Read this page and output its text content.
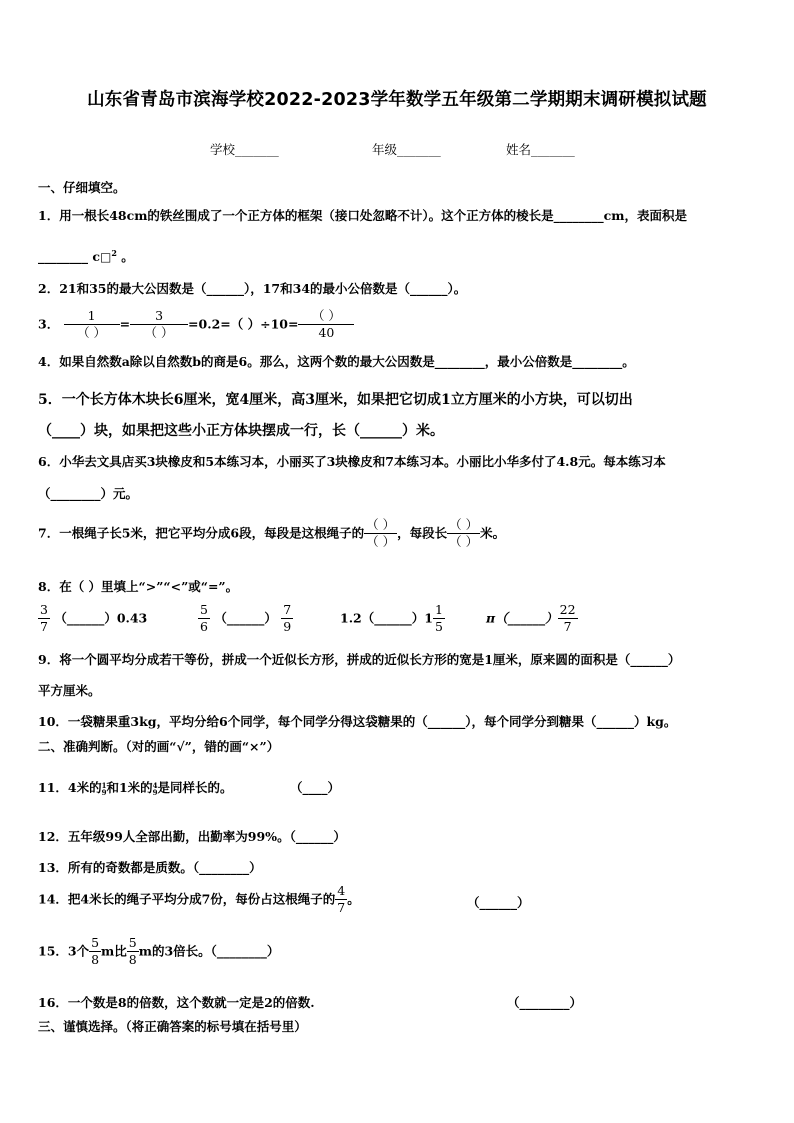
山东省青岛市滨海学校2022-2023学年数学五年级第二学期期末调研模拟试题
学校_______	年级_______	姓名_______
一、仔细填空。
1．用一根长48cm的铁丝围成了一个正方体的框架（接口处忽略不计）。这个正方体的棱长是________cm，表面积是
________ c□$^2$ 。
2．21和35的最大公因数是（______），17和34的最小公倍数是（______）。
3． $\frac{1}{( )} = \frac{3}{( )} =0.2=$（ ）$\div 10= \frac{( )}{40}$
4．如果自然数a除以自然数b的商是6。那么，这两个数的最大公因数是________，最小公倍数是________。
5．一个长方体木块长6厘米，宽4厘米，高3厘米，如果把它切成1立方厘米的小方块，可以切出
（____）块，如果把这些小正方体块摆成一行，长（______）米。
6．小华去文具店买3块橡皮和5本练习本，小丽买了3块橡皮和7本练习本。小丽比小华多付了4.8元。每本练习本
（________）元。
7．一根绳子长5米，把它平均分成6段，每段是这根绳子的 $\frac{( )}{( )}$ ，每段长 $\frac{( )}{( )}$ 米。
8．在（ ）里填上“>”“<”或“=”。
$\frac{3}{7}$ （______）0.43	$\frac{5}{6}$ （______） $\frac{7}{9}$	1.2（______）1 $\frac{1}{5}$	π（______） $\frac{22}{7}$
9．将一个圆平均分成若干等份，拼成一个近似长方形，拼成的近似长方形的宽是1厘米，原来圆的面积是（______）
平方厘米。
10．一袋糖果重3kg，平均分给6个同学，每个同学分得这袋糖果的（______），每个同学分到糖果（______）kg。
二、准确判断。（对的画“√”，错的画“×”）
11．4米的 1
9 和1米的 4
9 是同样长的。	（____）
12．五年级99人全部出勤，出勤率为99%。（______）
13．所有的奇数都是质数。（________）
14．把4米长的绳子平均分成7份，每份占这根绳子的 $\frac{4}{7}$ 。	（______）
15．3个 $\frac{5}{8}$ m比 $\frac{5}{8}$ m的3倍长。（________）
16．一个数是8的倍数，这个数就一定是2的倍数.	（________）
三、谨慎选择。（将正确答案的标号填在括号里）
